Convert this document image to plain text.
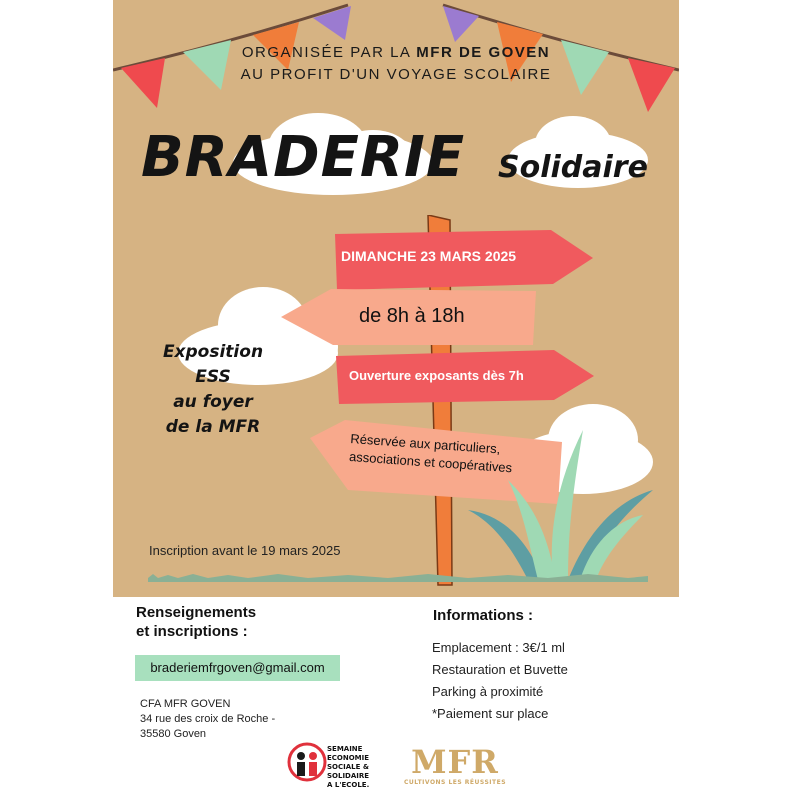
ORGANISÉE PAR LA MFR DE GOVEN
AU PROFIT D'UN VOYAGE SCOLAIRE
BRADERIE Solidaire
DIMANCHE 23 MARS 2025
de 8h à 18h
Ouverture exposants dès 7h
Réservée aux particuliers,
associations et coopératives
Exposition
ESS
au foyer
de la MFR
Inscription avant le 19 mars 2025
Renseignements
et inscriptions :
braderiemfrgoven@gmail.com
CFA MFR GOVEN
34 rue des croix de Roche -
35580 Goven
Informations :
Emplacement : 3€/1 ml
Restauration et Buvette
Parking à proximité
*Paiement sur place
SEMAINE
ECONOMIE
SOCIALE &
SOLIDAIRE
A L'ECOLE.
MFR
CULTIVONS LES RÉUSSITES
